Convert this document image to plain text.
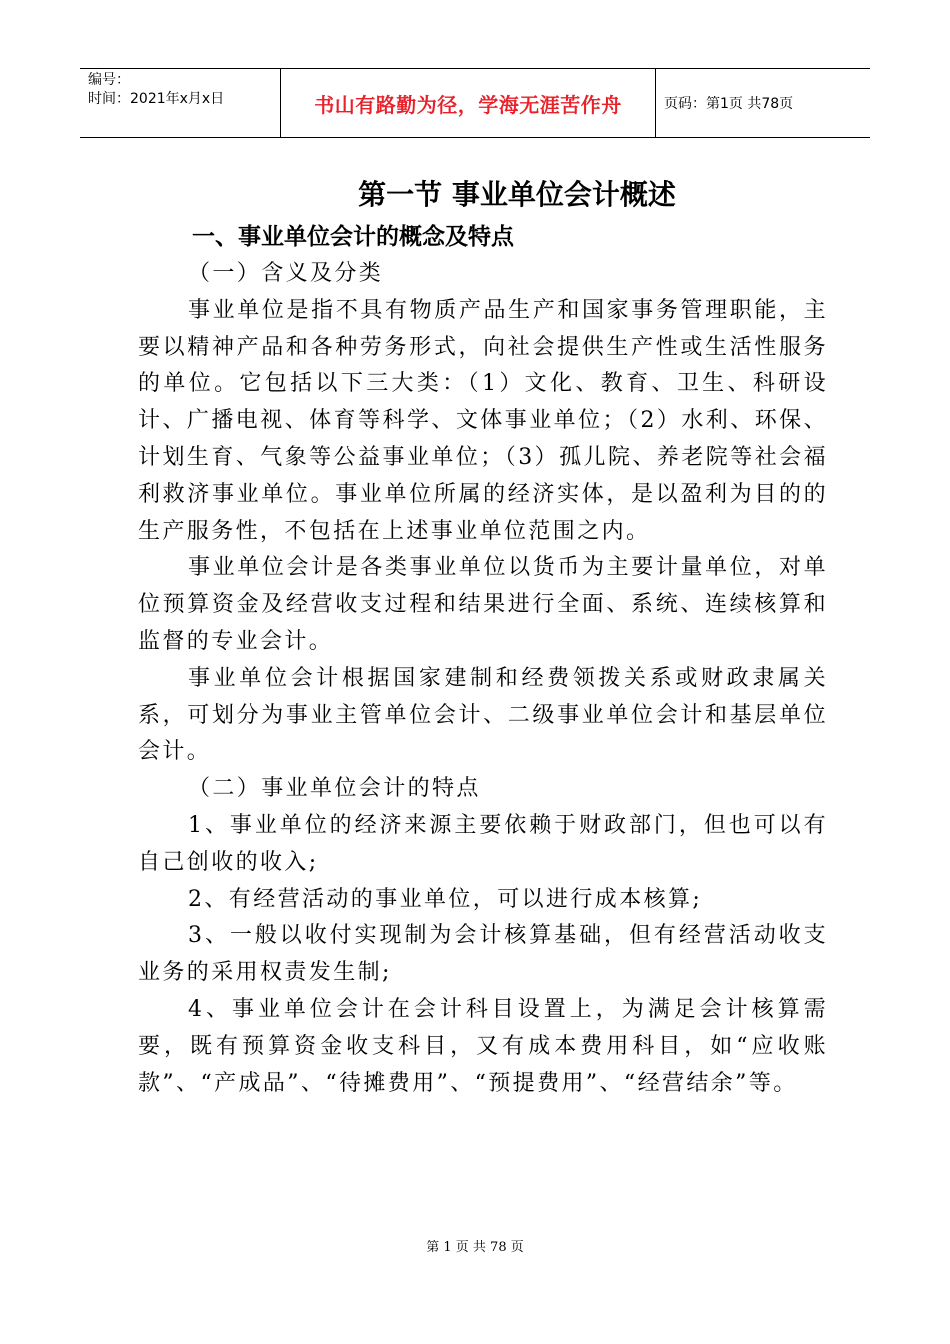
编号：
时间：2021年x月x日	书山有路勤为径，学海无涯苦作舟	页码：第1页 共78页
第一节 事业单位会计概述
一、事业单位会计的概念及特点

（一）含义及分类

事业单位是指不具有物质产品生产和国家事务管理职能，主要以精神产品和各种劳务形式，向社会提供生产性或生活性服务的单位。它包括以下三大类：（1）文化、教育、卫生、科研设计、广播电视、体育等科学、文体事业单位；（2）水利、环保、计划生育、气象等公益事业单位；（3）孤儿院、养老院等社会福利救济事业单位。事业单位所属的经济实体，是以盈利为目的的生产服务性，不包括在上述事业单位范围之内。

事业单位会计是各类事业单位以货币为主要计量单位，对单位预算资金及经营收支过程和结果进行全面、系统、连续核算和监督的专业会计。

事业单位会计根据国家建制和经费领拨关系或财政隶属关系，可划分为事业主管单位会计、二级事业单位会计和基层单位会计。

（二）事业单位会计的特点

1、事业单位的经济来源主要依赖于财政部门，但也可以有自己创收的收入;

2、有经营活动的事业单位，可以进行成本核算;

3、一般以收付实现制为会计核算基础，但有经营活动收支业务的采用权责发生制;

4、事业单位会计在会计科目设置上，为满足会计核算需要，既有预算资金收支科目，又有成本费用科目，如“应收账款”、“产成品”、“待摊费用”、“预提费用”、“经营结余”等。

第 1 页 共 78 页
